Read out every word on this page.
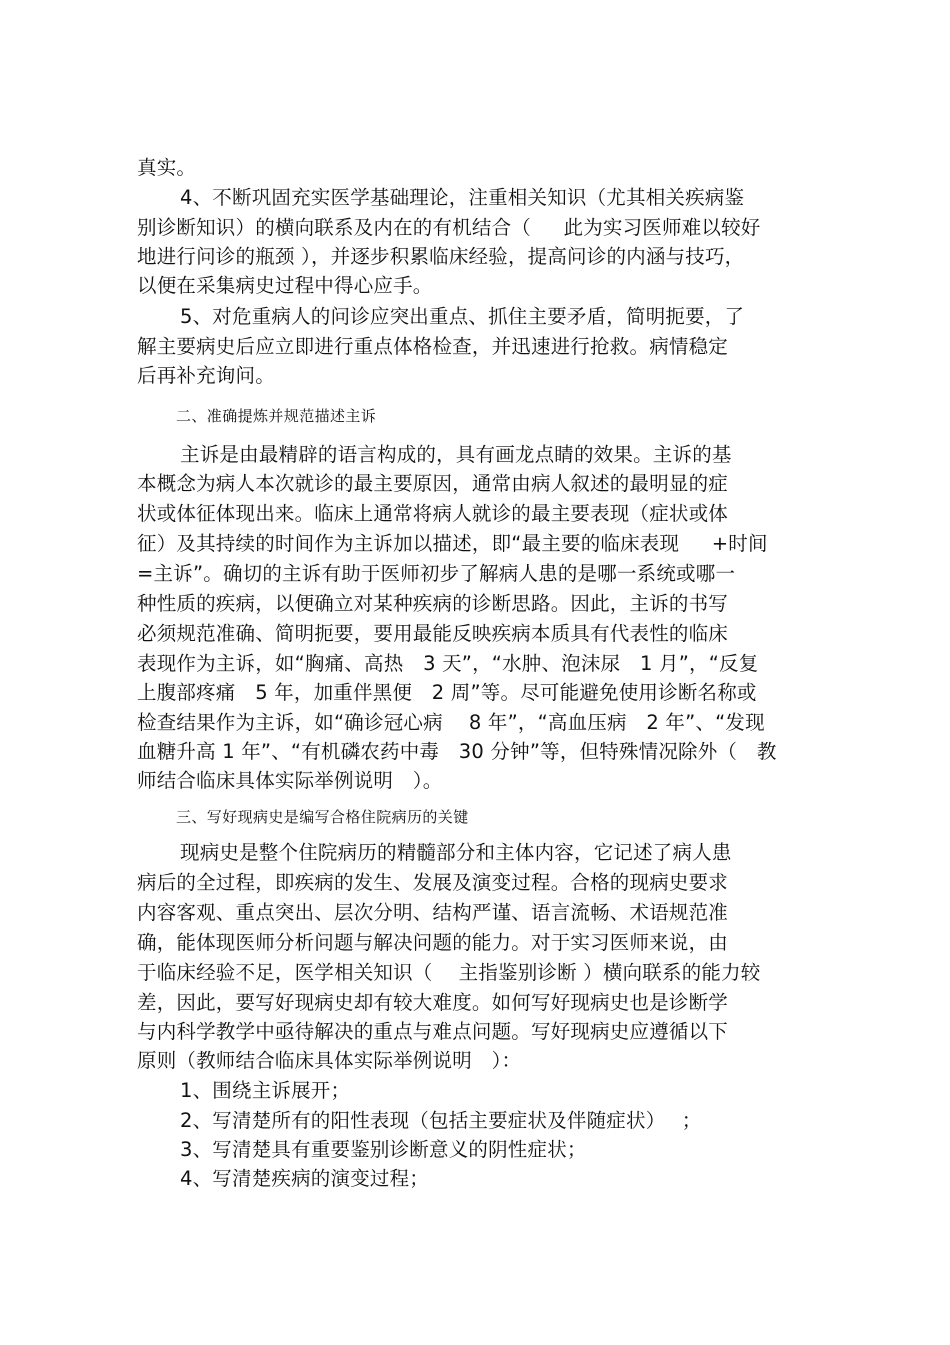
真实。
4、不断巩固充实医学基础理论，注重相关知识（尤其相关疾病鉴
别诊断知识）的横向联系及内在的有机结合（　  此为实习医师难以较好
地进行问诊的瓶颈 ），并逐步积累临床经验，提高问诊的内涵与技巧，
以便在采集病史过程中得心应手。
5、对危重病人的问诊应突出重点、抓住主要矛盾，简明扼要，了
解主要病史后应立即进行重点体格检查，并迅速进行抢救。病情稳定
后再补充询问。
二、准确提炼并规范描述主诉
主诉是由最精辟的语言构成的，具有画龙点睛的效果。主诉的基
本概念为病人本次就诊的最主要原因，通常由病人叙述的最明显的症
状或体征体现出来。临床上通常将病人就诊的最主要表现（症状或体
征）及其持续的时间作为主诉加以描述，即“最主要的临床表现　  +时间
=主诉”。确切的主诉有助于医师初步了解病人患的是哪一系统或哪一
种性质的疾病，以便确立对某种疾病的诊断思路。因此，主诉的书写
必须规范准确、简明扼要，要用最能反映疾病本质具有代表性的临床
表现作为主诉，如“胸痛、高热　3 天”，“水肿、泡沫尿　1 月”，“反复
上腹部疼痛　5 年，加重伴黑便　2 周”等。尽可能避免使用诊断名称或
检查结果作为主诉，如“确诊冠心病　 8 年”，“高血压病　2 年”、“发现
血糖升高 1 年”、“有机磷农药中毒　30 分钟”等，但特殊情况除外（　教
师结合临床具体实际举例说明　）。
三、写好现病史是编写合格住院病历的关键
现病史是整个住院病历的精髓部分和主体内容，它记述了病人患
病后的全过程，即疾病的发生、发展及演变过程。合格的现病史要求
内容客观、重点突出、层次分明、结构严谨、语言流畅、术语规范准
确，能体现医师分析问题与解决问题的能力。对于实习医师来说，由
于临床经验不足，医学相关知识（　 主指鉴别诊断 ）横向联系的能力较
差，因此，要写好现病史却有较大难度。如何写好现病史也是诊断学
与内科学教学中亟待解决的重点与难点问题。写好现病史应遵循以下
原则（教师结合临床具体实际举例说明　）：
1、围绕主诉展开；
2、写清楚所有的阳性表现（包括主要症状及伴随症状）　 ；
3、写清楚具有重要鉴别诊断意义的阴性症状；
4、写清楚疾病的演变过程；
